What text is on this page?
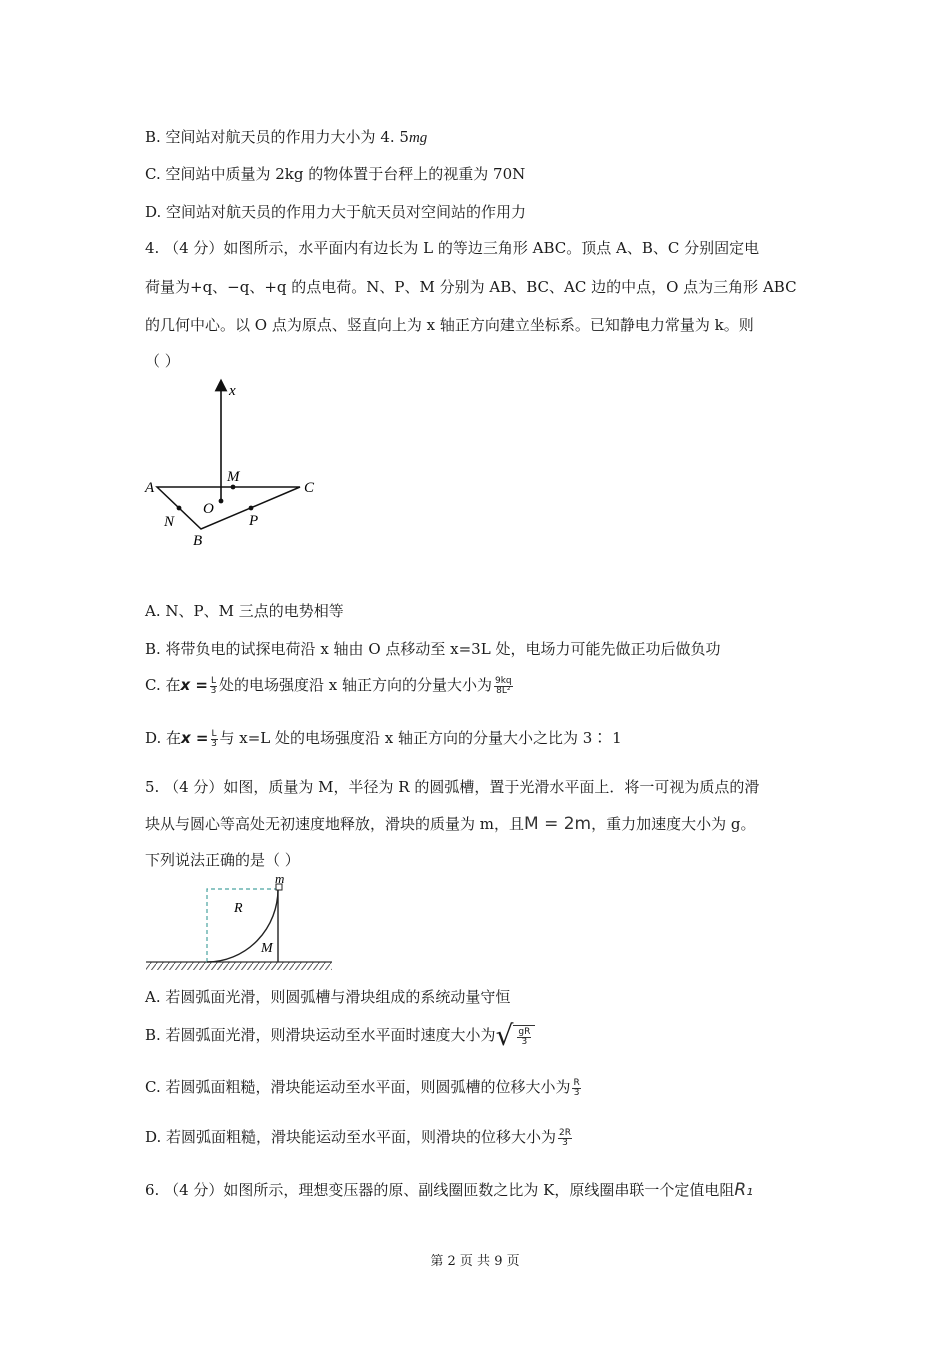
B. 空间站对航天员的作用力大小为 4. 5mg
C. 空间站中质量为 2kg 的物体置于台秤上的视重为 70N
D. 空间站对航天员的作用力大于航天员对空间站的作用力
4. （4 分）如图所示，水平面内有边长为 L 的等边三角形 ABC。顶点 A、B、C 分别固定电
荷量为+q、−q、+q 的点电荷。N、P、M 分别为 AB、BC、AC 边的中点，O 点为三角形 ABC
的几何中心。以 O 点为原点、竖直向上为 x 轴正方向建立坐标系。已知静电力常量为 k。则
（ ）
x
A	C
M
O
N	P
B
A. N、P、M 三点的电势相等
B. 将带负电的试探电荷沿 x 轴由 O 点移动至 x=3L 处，电场力可能先做正功后做负功
C. 在$x = \frac{L}{3}$ 处的电场强度沿 x 轴正方向的分量大小为 $\frac{9kq}{\text{8L²}}$
D. 在$x = \frac{L}{3}$ 与 x=L 处的电场强度沿 x 轴正方向的分量大小之比为 3∶ 1
5. （4 分）如图，质量为 M，半径为 R 的圆弧槽，置于光滑水平面上．将一可视为质点的滑
块从与圆心等高处无初速度地释放，滑块的质量为 m，且M = 2m，重力加速度大小为 g。
下列说法正确的是（ ）
m
R
M
A. 若圆弧面光滑，则圆弧槽与滑块组成的系统动量守恒
B. 若圆弧面光滑，则滑块运动至水平面时速度大小为 √ $\frac{gR}{3}$
C. 若圆弧面粗糙，滑块能运动至水平面，则圆弧槽的位移大小为 $\frac{R}{3}$
D. 若圆弧面粗糙，滑块能运动至水平面，则滑块的位移大小为 $\frac{2R}{3}$
6. （4 分）如图所示，理想变压器的原、副线圈匝数之比为 K，原线圈串联一个定值电阻R₁
第 2 页 共 9 页
